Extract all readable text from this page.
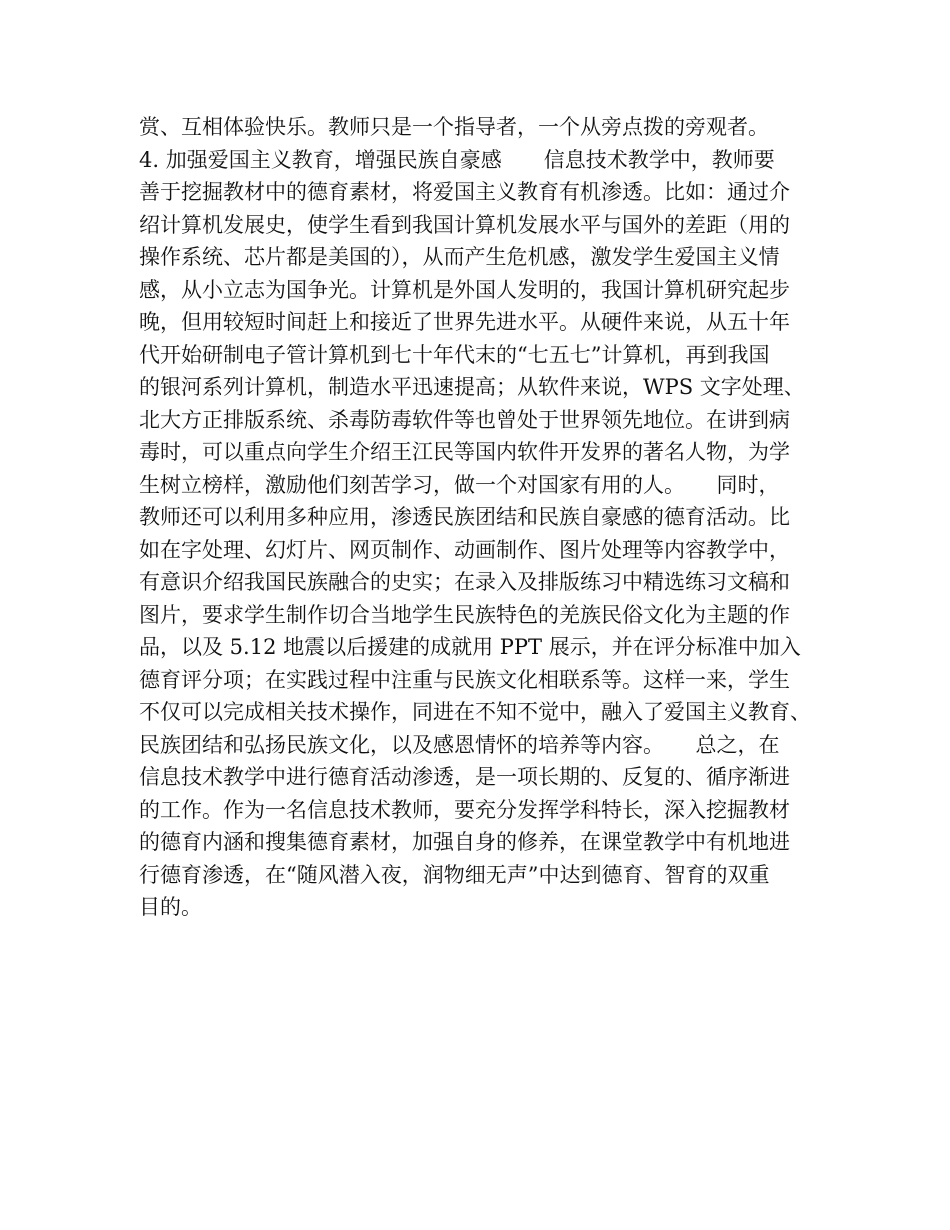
赏、互相体验快乐。教师只是一个指导者，一个从旁点拨的旁观者。
4. 加强爱国主义教育，增强民族自豪感　　信息技术教学中，教师要
善于挖掘教材中的德育素材，将爱国主义教育有机渗透。比如：通过介
绍计算机发展史，使学生看到我国计算机发展水平与国外的差距（用的
操作系统、芯片都是美国的），从而产生危机感，激发学生爱国主义情
感，从小立志为国争光。计算机是外国人发明的，我国计算机研究起步
晚，但用较短时间赶上和接近了世界先进水平。从硬件来说，从五十年
代开始研制电子管计算机到七十年代末的“七五七”计算机，再到我国
的银河系列计算机，制造水平迅速提高；从软件来说，WPS 文字处理、
北大方正排版系统、杀毒防毒软件等也曾处于世界领先地位。在讲到病
毒时，可以重点向学生介绍王江民等国内软件开发界的著名人物，为学
生树立榜样，激励他们刻苦学习，做一个对国家有用的人。　　同时，
教师还可以利用多种应用，渗透民族团结和民族自豪感的德育活动。比
如在字处理、幻灯片、网页制作、动画制作、图片处理等内容教学中，
有意识介绍我国民族融合的史实；在录入及排版练习中精选练习文稿和
图片，要求学生制作切合当地学生民族特色的羌族民俗文化为主题的作
品，以及 5.12 地震以后援建的成就用 PPT 展示，并在评分标准中加入
德育评分项；在实践过程中注重与民族文化相联系等。这样一来，学生
不仅可以完成相关技术操作，同进在不知不觉中，融入了爱国主义教育、
民族团结和弘扬民族文化，以及感恩情怀的培养等内容。　　总之，在
信息技术教学中进行德育活动渗透，是一项长期的、反复的、循序渐进
的工作。作为一名信息技术教师，要充分发挥学科特长，深入挖掘教材
的德育内涵和搜集德育素材，加强自身的修养，在课堂教学中有机地进
行德育渗透，在“随风潜入夜，润物细无声”中达到德育、智育的双重
目的。
